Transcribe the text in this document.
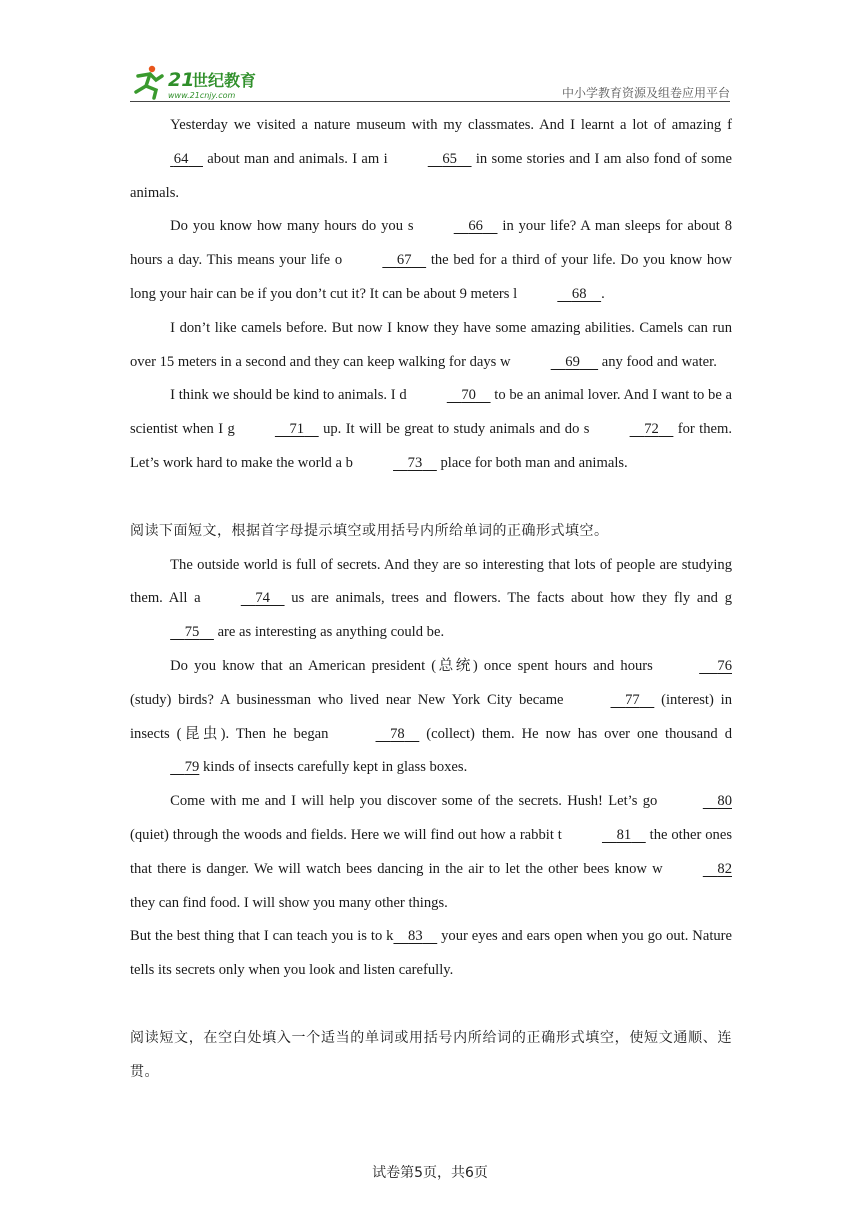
21
世纪教育
www.21cnjy.com	中小学教育资源及组卷应用平台

Yesterday we visited a nature museum with my classmates. And I learnt a lot of amazing f 64     about man and animals. I am i	65     in some stories and I am also fond of some animals.

Do you know how many hours do you s	66     in your life? A man sleeps for about 8 hours a day. This means your life o	67     the bed for a third of your life. Do you know how long your hair can be if you don’t cut it? It can be about 9 meters l	68 .

I don’t like camels before. But now I know they have some amazing abilities. Camels can run over 15 meters in a second and they can keep walking for days w	69      any food and water.

I think we should be kind to animals. I d	70     to be an animal lover. And I want to be a scientist when I g	71     up. It will be great to study animals and do s	72     for them. Let’s work hard to make the world a b	73     place for both man and animals.

阅读下面短文，根据首字母提示填空或用括号内所给单词的正确形式填空。

The outside world is full of secrets. And they are so interesting that lots of people are studying them. All a	74     us are animals, trees and flowers. The facts about how they fly and g    75     are as interesting as anything could be.

Do you know that an American president (总统) once spent hours and hours	76 (study) birds? A businessman who lived near New York City became	77     (interest) in insects (昆虫). Then he began	78     (collect) them. He now has over one thousand d    79 kinds of insects carefully kept in glass boxes.

Come with me and I will help you discover some of the secrets. Hush! Let’s go	80 (quiet) through the woods and fields. Here we will find out how a rabbit t	81     the other ones that there is danger. We will watch bees dancing in the air to let the other bees know w	82 they can find food. I will show you many other things.

But the best thing that I can teach you is to k 83     your eyes and ears open when you go out. Nature tells its secrets only when you look and listen carefully.

阅读短文，在空白处填入一个适当的单词或用括号内所给词的正确形式填空，使短文通顺、连贯。

试卷第5页，共6页
